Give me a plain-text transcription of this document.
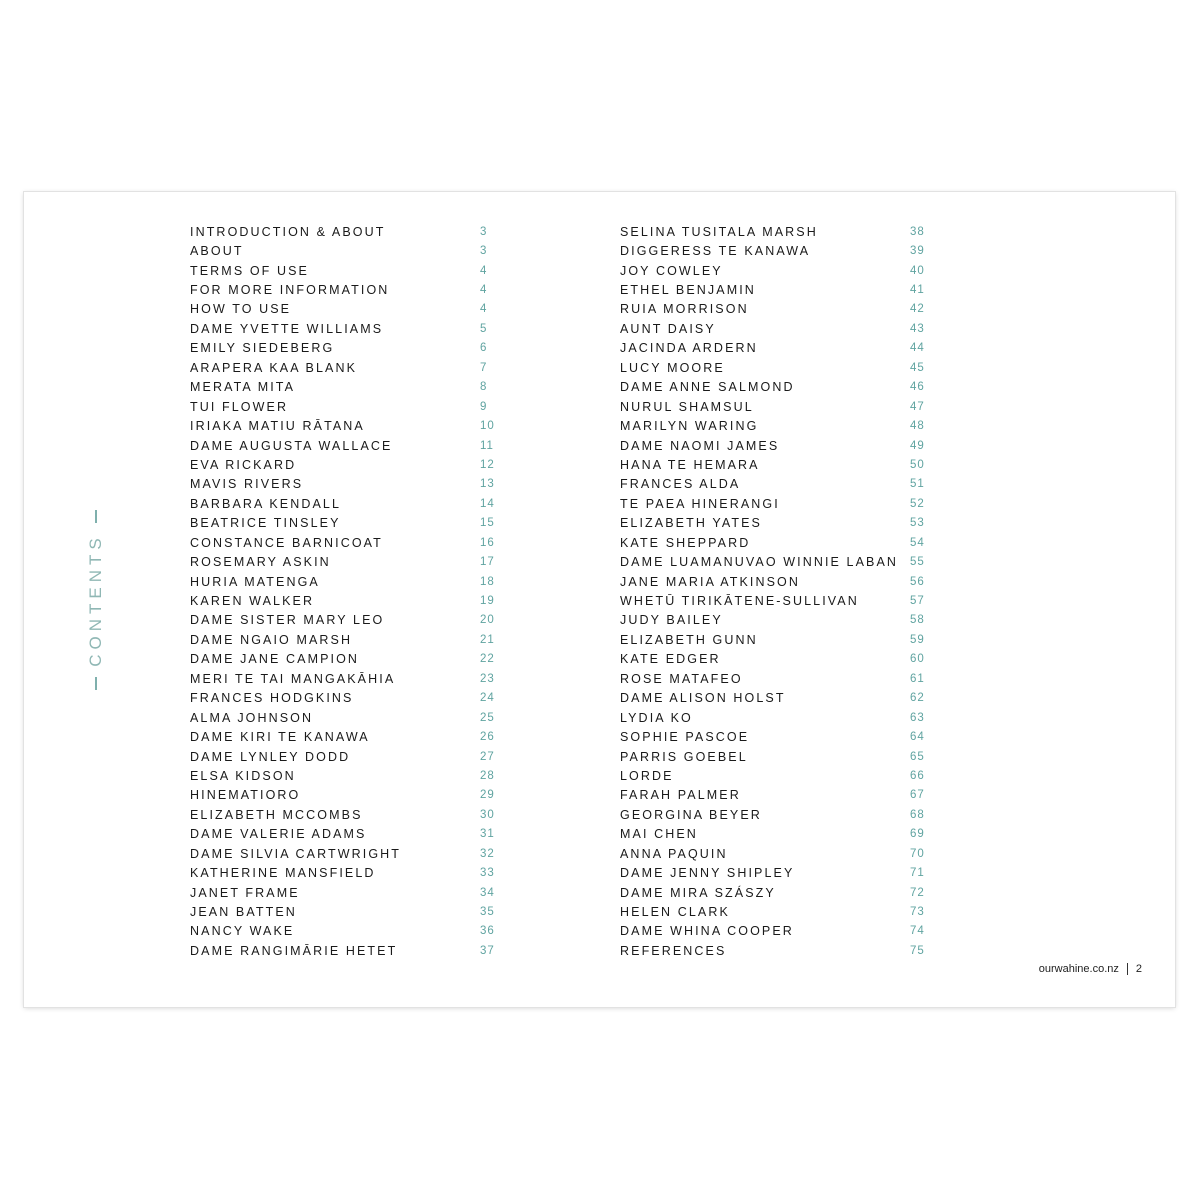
CONTENTS
INTRODUCTION & ABOUT	3
ABOUT	3
TERMS OF USE	4
FOR MORE INFORMATION	4
HOW TO USE	4
DAME YVETTE WILLIAMS	5
EMILY SIEDEBERG	6
ARAPERA KAA BLANK	7
MERATA MITA	8
TUI FLOWER	9
IRIAKA MATIU RĀTANA	10
DAME AUGUSTA WALLACE	11
EVA RICKARD	12
MAVIS RIVERS	13
BARBARA KENDALL	14
BEATRICE TINSLEY	15
CONSTANCE BARNICOAT	16
ROSEMARY ASKIN	17
HURIA MATENGA	18
KAREN WALKER	19
DAME SISTER MARY LEO	20
DAME NGAIO MARSH	21
DAME JANE CAMPION	22
MERI TE TAI MANGAKĀHIA	23
FRANCES HODGKINS	24
ALMA JOHNSON	25
DAME KIRI TE KANAWA	26
DAME LYNLEY DODD	27
ELSA KIDSON	28
HINEMATIORO	29
ELIZABETH MCCOMBS	30
DAME VALERIE ADAMS	31
DAME SILVIA CARTWRIGHT	32
KATHERINE MANSFIELD	33
JANET FRAME	34
JEAN BATTEN	35
NANCY WAKE	36
DAME RANGIMĀRIE HETET	37
SELINA TUSITALA MARSH	38
DIGGERESS TE KANAWA	39
JOY COWLEY	40
ETHEL BENJAMIN	41
RUIA MORRISON	42
AUNT DAISY	43
JACINDA ARDERN	44
LUCY MOORE	45
DAME ANNE SALMOND	46
NURUL SHAMSUL	47
MARILYN WARING	48
DAME NAOMI JAMES	49
HANA TE HEMARA	50
FRANCES ALDA	51
TE PAEA HINERANGI	52
ELIZABETH YATES	53
KATE SHEPPARD	54
DAME LUAMANUVAO WINNIE LABAN 55
JANE MARIA ATKINSON	56
WHETŪ TIRIKĀTENE-SULLIVAN	57
JUDY BAILEY	58
ELIZABETH GUNN	59
KATE EDGER	60
ROSE MATAFEO	61
DAME ALISON HOLST	62
LYDIA KO	63
SOPHIE PASCOE	64
PARRIS GOEBEL	65
LORDE	66
FARAH PALMER	67
GEORGINA BEYER	68
MAI CHEN	69
ANNA PAQUIN	70
DAME JENNY SHIPLEY	71
DAME MIRA SZÁSZY	72
HELEN CLARK	73
DAME WHINA COOPER	74
REFERENCES	75
ourwahine.co.nz 2
